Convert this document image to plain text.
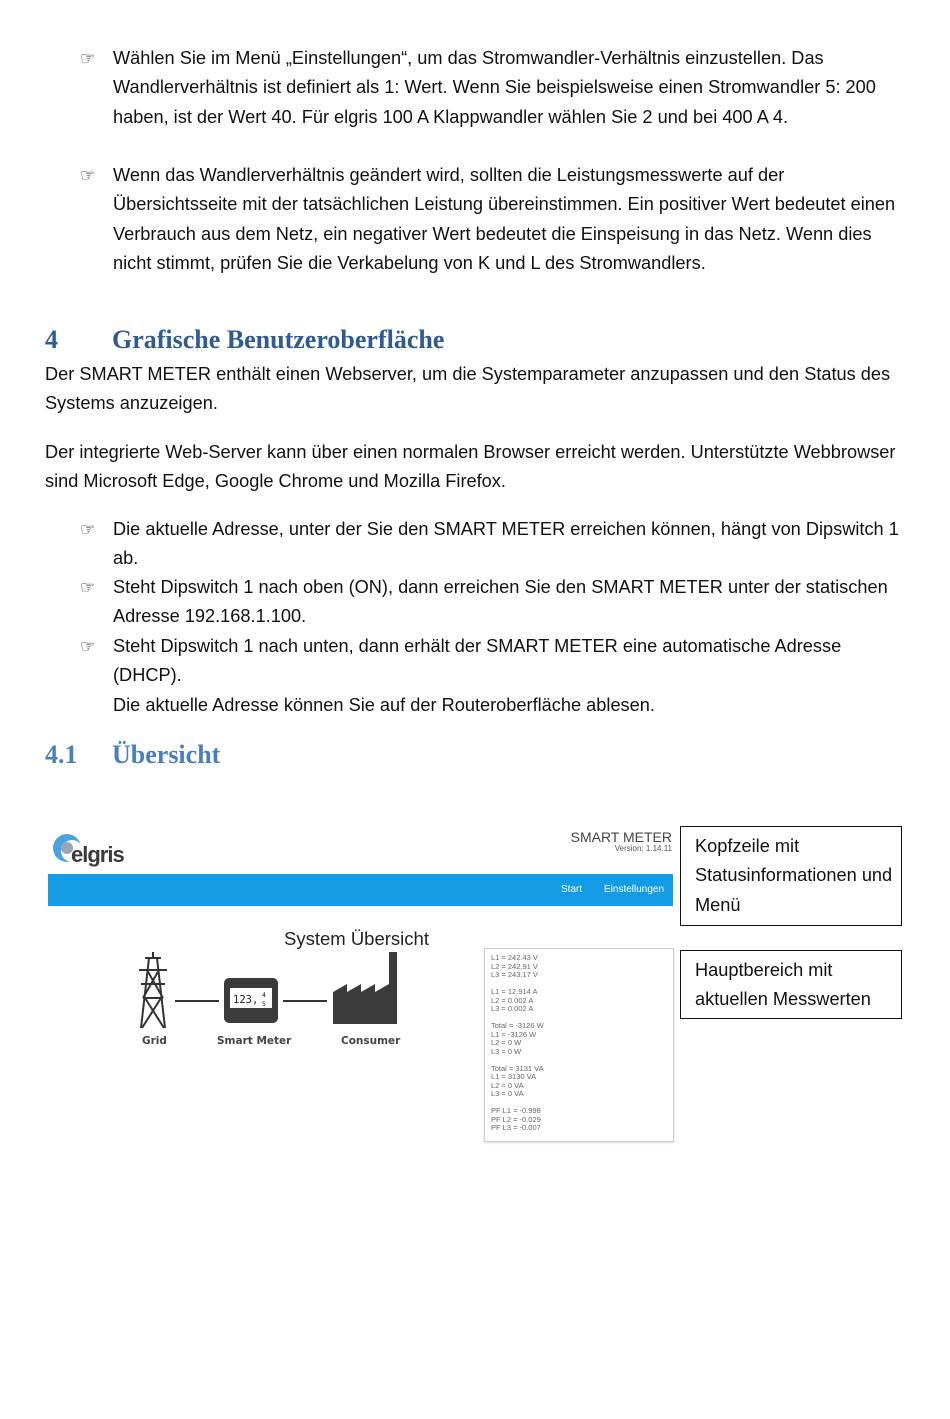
☞ Wählen Sie im Menü „Einstellungen“, um das Stromwandler-Verhältnis einzustellen. Das Wandlerverhältnis ist definiert als 1: Wert. Wenn Sie beispielsweise einen Stromwandler 5: 200 haben, ist der Wert 40. Für elgris 100 A Klappwandler wählen Sie 2 und bei 400 A 4.
☞ Wenn das Wandlerverhältnis geändert wird, sollten die Leistungsmesswerte auf der Übersichtsseite mit der tatsächlichen Leistung übereinstimmen. Ein positiver Wert bedeutet einen Verbrauch aus dem Netz, ein negativer Wert bedeutet die Einspeisung in das Netz. Wenn dies nicht stimmt, prüfen Sie die Verkabelung von K und L des Stromwandlers.
4 Grafische Benutzeroberfläche
Der SMART METER enthält einen Webserver, um die Systemparameter anzupassen und den Status des Systems anzuzeigen.
Der integrierte Web-Server kann über einen normalen Browser erreicht werden. Unterstützte Webbrowser sind Microsoft Edge, Google Chrome und Mozilla Firefox.
☞ Die aktuelle Adresse, unter der Sie den SMART METER erreichen können, hängt von Dipswitch 1 ab.
☞ Steht Dipswitch 1 nach oben (ON), dann erreichen Sie den SMART METER unter der statischen Adresse 192.168.1.100.
☞ Steht Dipswitch 1 nach unten, dann erhält der SMART METER eine automatische Adresse (DHCP).
Die aktuelle Adresse können Sie auf der Routeroberfläche ablesen.
4.1 Übersicht
elgris
SMART METER
Version: 1.14.11
Start Einstellungen
System Übersicht
123, 4
5
Grid	Smart Meter	Consumer
L1 = 242.43 V
L2 = 242.91 V
L3 = 243.17 V
L1 = 12.914 A
L2 = 0.002 A
L3 = 0.002 A
Total = -3126 W
L1 = -3126 W
L2 = 0 W
L3 = 0 W
Total = 3131 VA
L1 = 3130 VA
L2 = 0 VA
L3 = 0 VA
PF L1 = -0.998
PF L2 = -0.029
PF L3 = -0.007
Kopfzeile mit Statusinformationen und Menü
Hauptbereich mit aktuellen Messwerten
